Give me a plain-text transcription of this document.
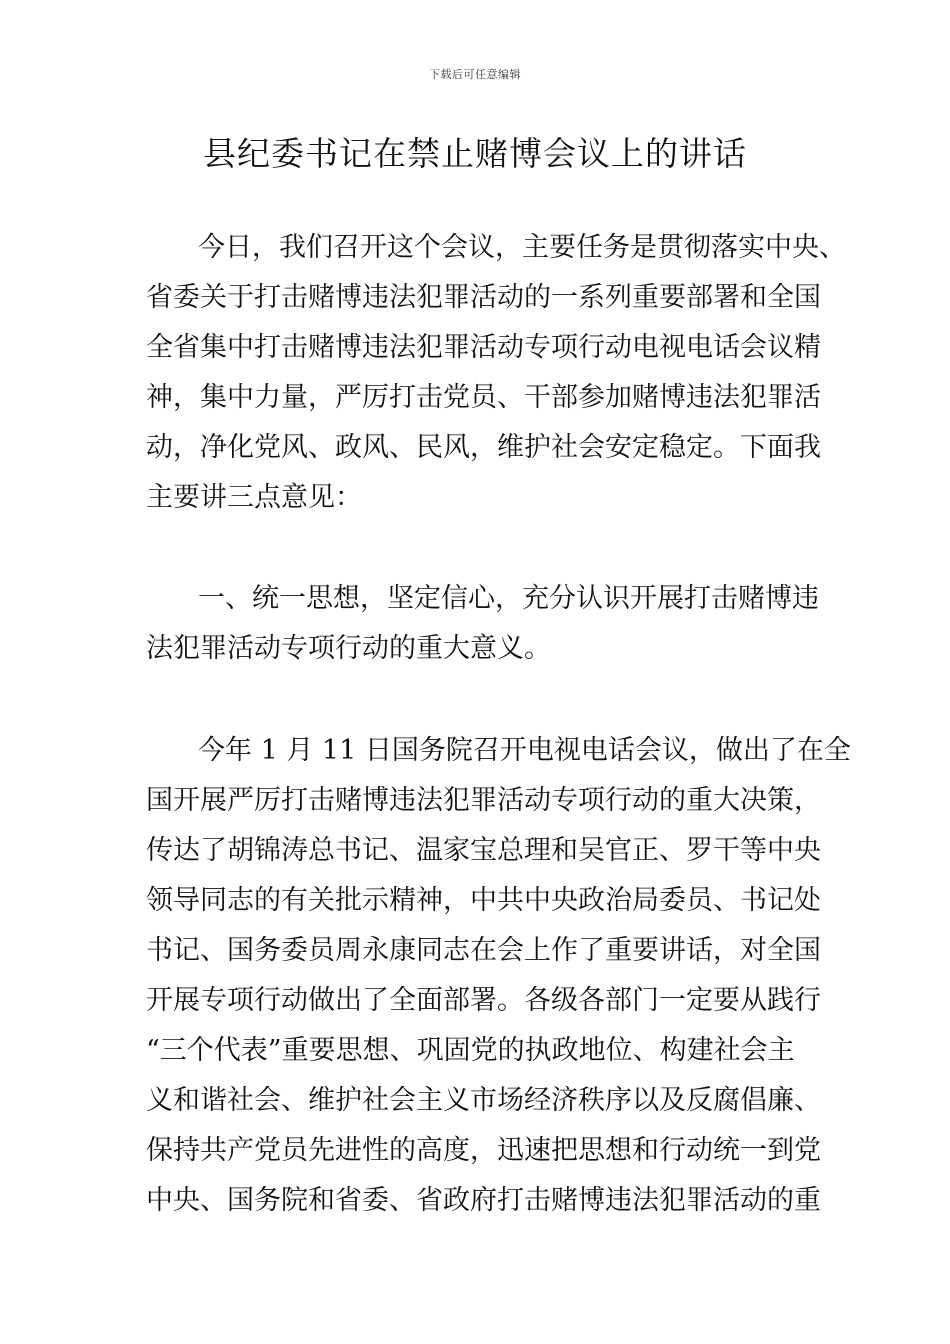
下载后可任意编辑
县纪委书记在禁止赌博会议上的讲话
今日，我们召开这个会议，主要任务是贯彻落实中央、
省委关于打击赌博违法犯罪活动的一系列重要部署和全国
全省集中打击赌博违法犯罪活动专项行动电视电话会议精
神，集中力量，严厉打击党员、干部参加赌博违法犯罪活
动，净化党风、政风、民风，维护社会安定稳定。下面我
主要讲三点意见：
一、统一思想，坚定信心，充分认识开展打击赌博违
法犯罪活动专项行动的重大意义。
今年 1 月 11 日国务院召开电视电话会议，做出了在全
国开展严厉打击赌博违法犯罪活动专项行动的重大决策，
传达了胡锦涛总书记、温家宝总理和吴官正、罗干等中央
领导同志的有关批示精神，中共中央政治局委员、书记处
书记、国务委员周永康同志在会上作了重要讲话，对全国
开展专项行动做出了全面部署。各级各部门一定要从践行
“三个代表”重要思想、巩固党的执政地位、构建社会主
义和谐社会、维护社会主义市场经济秩序以及反腐倡廉、
保持共产党员先进性的高度，迅速把思想和行动统一到党
中央、国务院和省委、省政府打击赌博违法犯罪活动的重
